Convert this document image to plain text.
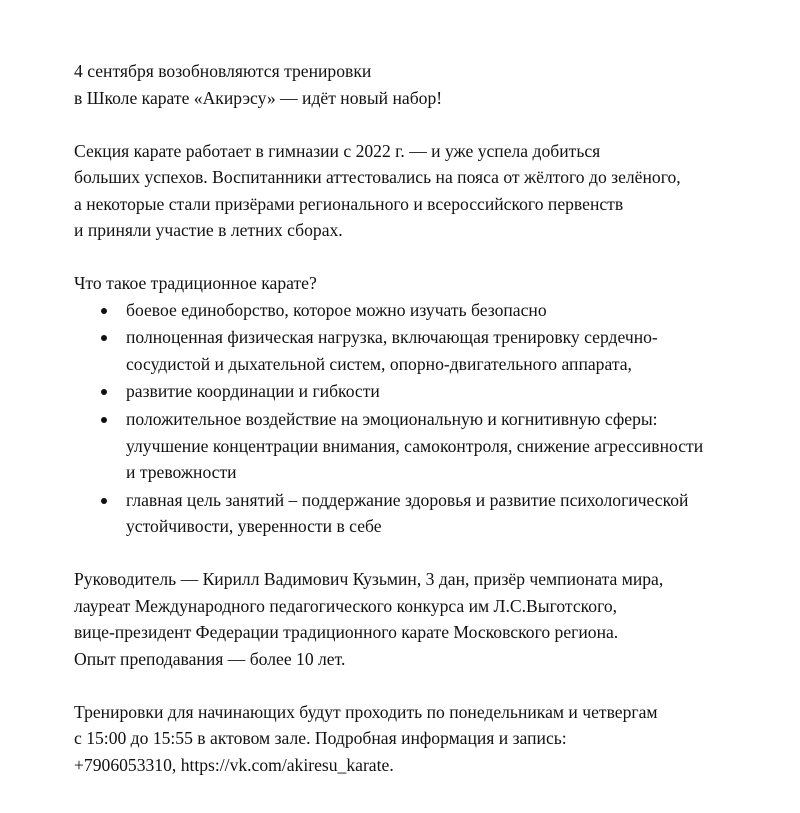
4 сентября возобновляются тренировки
в Школе карате «Акирэсу» — идёт новый набор!

Секция карате работает в гимназии с 2022 г. — и уже успела добиться
больших успехов. Воспитанники аттестовались на пояса от жёлтого до зелёного,
а некоторые стали призёрами регионального и всероссийского первенств
и приняли участие в летних сборах.

Что такое традиционное карате?

боевое единоборство, которое можно изучать безопасно
полноценная физическая нагрузка, включающая тренировку сердечно-
сосудистой и дыхательной систем, опорно-двигательного аппарата,
развитие координации и гибкости
положительное воздействие на эмоциональную и когнитивную сферы:
улучшение концентрации внимания, самоконтроля, снижение агрессивности
и тревожности
главная цель занятий – поддержание здоровья и развитие психологической
устойчивости, уверенности в себе

Руководитель — Кирилл Вадимович Кузьмин, 3 дан, призёр чемпионата мира,
лауреат Международного педагогического конкурса им Л.С.Выготского,
вице-президент Федерации традиционного карате Московского региона.
Опыт преподавания — более 10 лет.

Тренировки для начинающих будут проходить по понедельникам и четвергам
с 15:00 до 15:55 в актовом зале. Подробная информация и запись:
+7906053310, https://vk.com/akiresu_karate.
